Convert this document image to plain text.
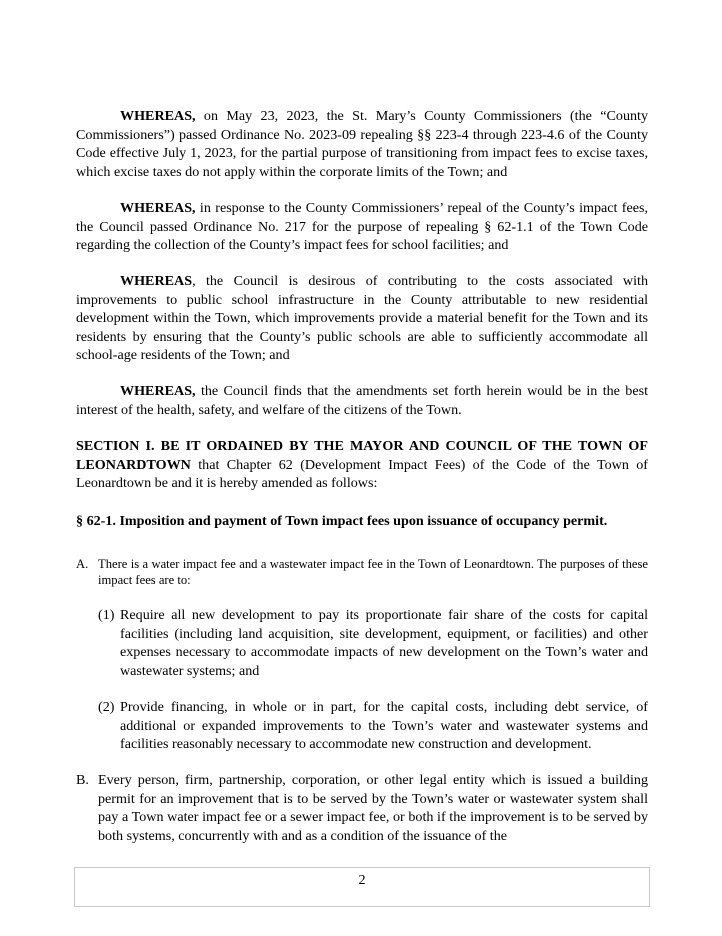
WHEREAS, on May 23, 2023, the St. Mary’s County Commissioners (the “County Commissioners”) passed Ordinance No. 2023-09 repealing §§ 223-4 through 223-4.6 of the County Code effective July 1, 2023, for the partial purpose of transitioning from impact fees to excise taxes, which excise taxes do not apply within the corporate limits of the Town; and

WHEREAS, in response to the County Commissioners’ repeal of the County’s impact fees, the Council passed Ordinance No. 217 for the purpose of repealing § 62-1.1 of the Town Code regarding the collection of the County’s impact fees for school facilities; and

WHEREAS, the Council is desirous of contributing to the costs associated with improvements to public school infrastructure in the County attributable to new residential development within the Town, which improvements provide a material benefit for the Town and its residents by ensuring that the County’s public schools are able to sufficiently accommodate all school-age residents of the Town; and

WHEREAS, the Council finds that the amendments set forth herein would be in the best interest of the health, safety, and welfare of the citizens of the Town.

SECTION I. BE IT ORDAINED BY THE MAYOR AND COUNCIL OF THE TOWN OF LEONARDTOWN that Chapter 62 (Development Impact Fees) of the Code of the Town of Leonardtown be and it is hereby amended as follows:

§ 62-1. Imposition and payment of Town impact fees upon issuance of occupancy permit.

A. There is a water impact fee and a wastewater impact fee in the Town of Leonardtown. The purposes of these impact fees are to:
(1) Require all new development to pay its proportionate fair share of the costs for capital facilities (including land acquisition, site development, equipment, or facilities) and other expenses necessary to accommodate impacts of new development on the Town’s water and wastewater systems; and
(2) Provide financing, in whole or in part, for the capital costs, including debt service, of additional or expanded improvements to the Town’s water and wastewater systems and facilities reasonably necessary to accommodate new construction and development.
B. Every person, firm, partnership, corporation, or other legal entity which is issued a building permit for an improvement that is to be served by the Town’s water or wastewater system shall pay a Town water impact fee or a sewer impact fee, or both if the improvement is to be served by both systems, concurrently with and as a condition of the issuance of the
2
